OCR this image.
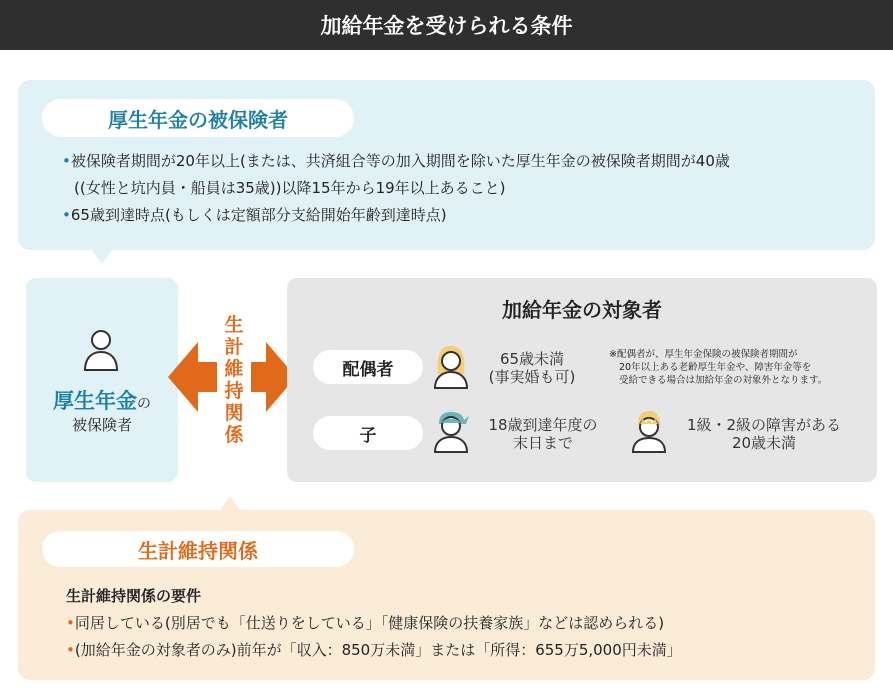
加給年金を受けられる条件
厚生年金の被保険者
•被保険者期間が20年以上(または、共済組合等の加入期間を除いた厚生年金の被保険者期間が40歳
((女性と坑内員・船員は35歳))以降15年から19年以上あること)
•65歳到達時点(もしくは定額部分支給開始年齢到達時点)
厚生年金の
被保険者
生
計
維
持
関
係
加給年金の対象者
配偶者
65歳未満
(事実婚も可)
※配偶者が、厚生年金保険の被保険者期間が
20年以上ある老齢厚生年金や、障害年金等を
受給できる場合は加給年金の対象外となります。
子
18歳到達年度の
末日まで
1級・2級の障害がある
20歳未満
生計維持関係
生計維持関係の要件
•同居している(別居でも「仕送りをしている」「健康保険の扶養家族」などは認められる)
•(加給年金の対象者のみ)前年が「収入：850万未満」または「所得：655万5,000円未満」
